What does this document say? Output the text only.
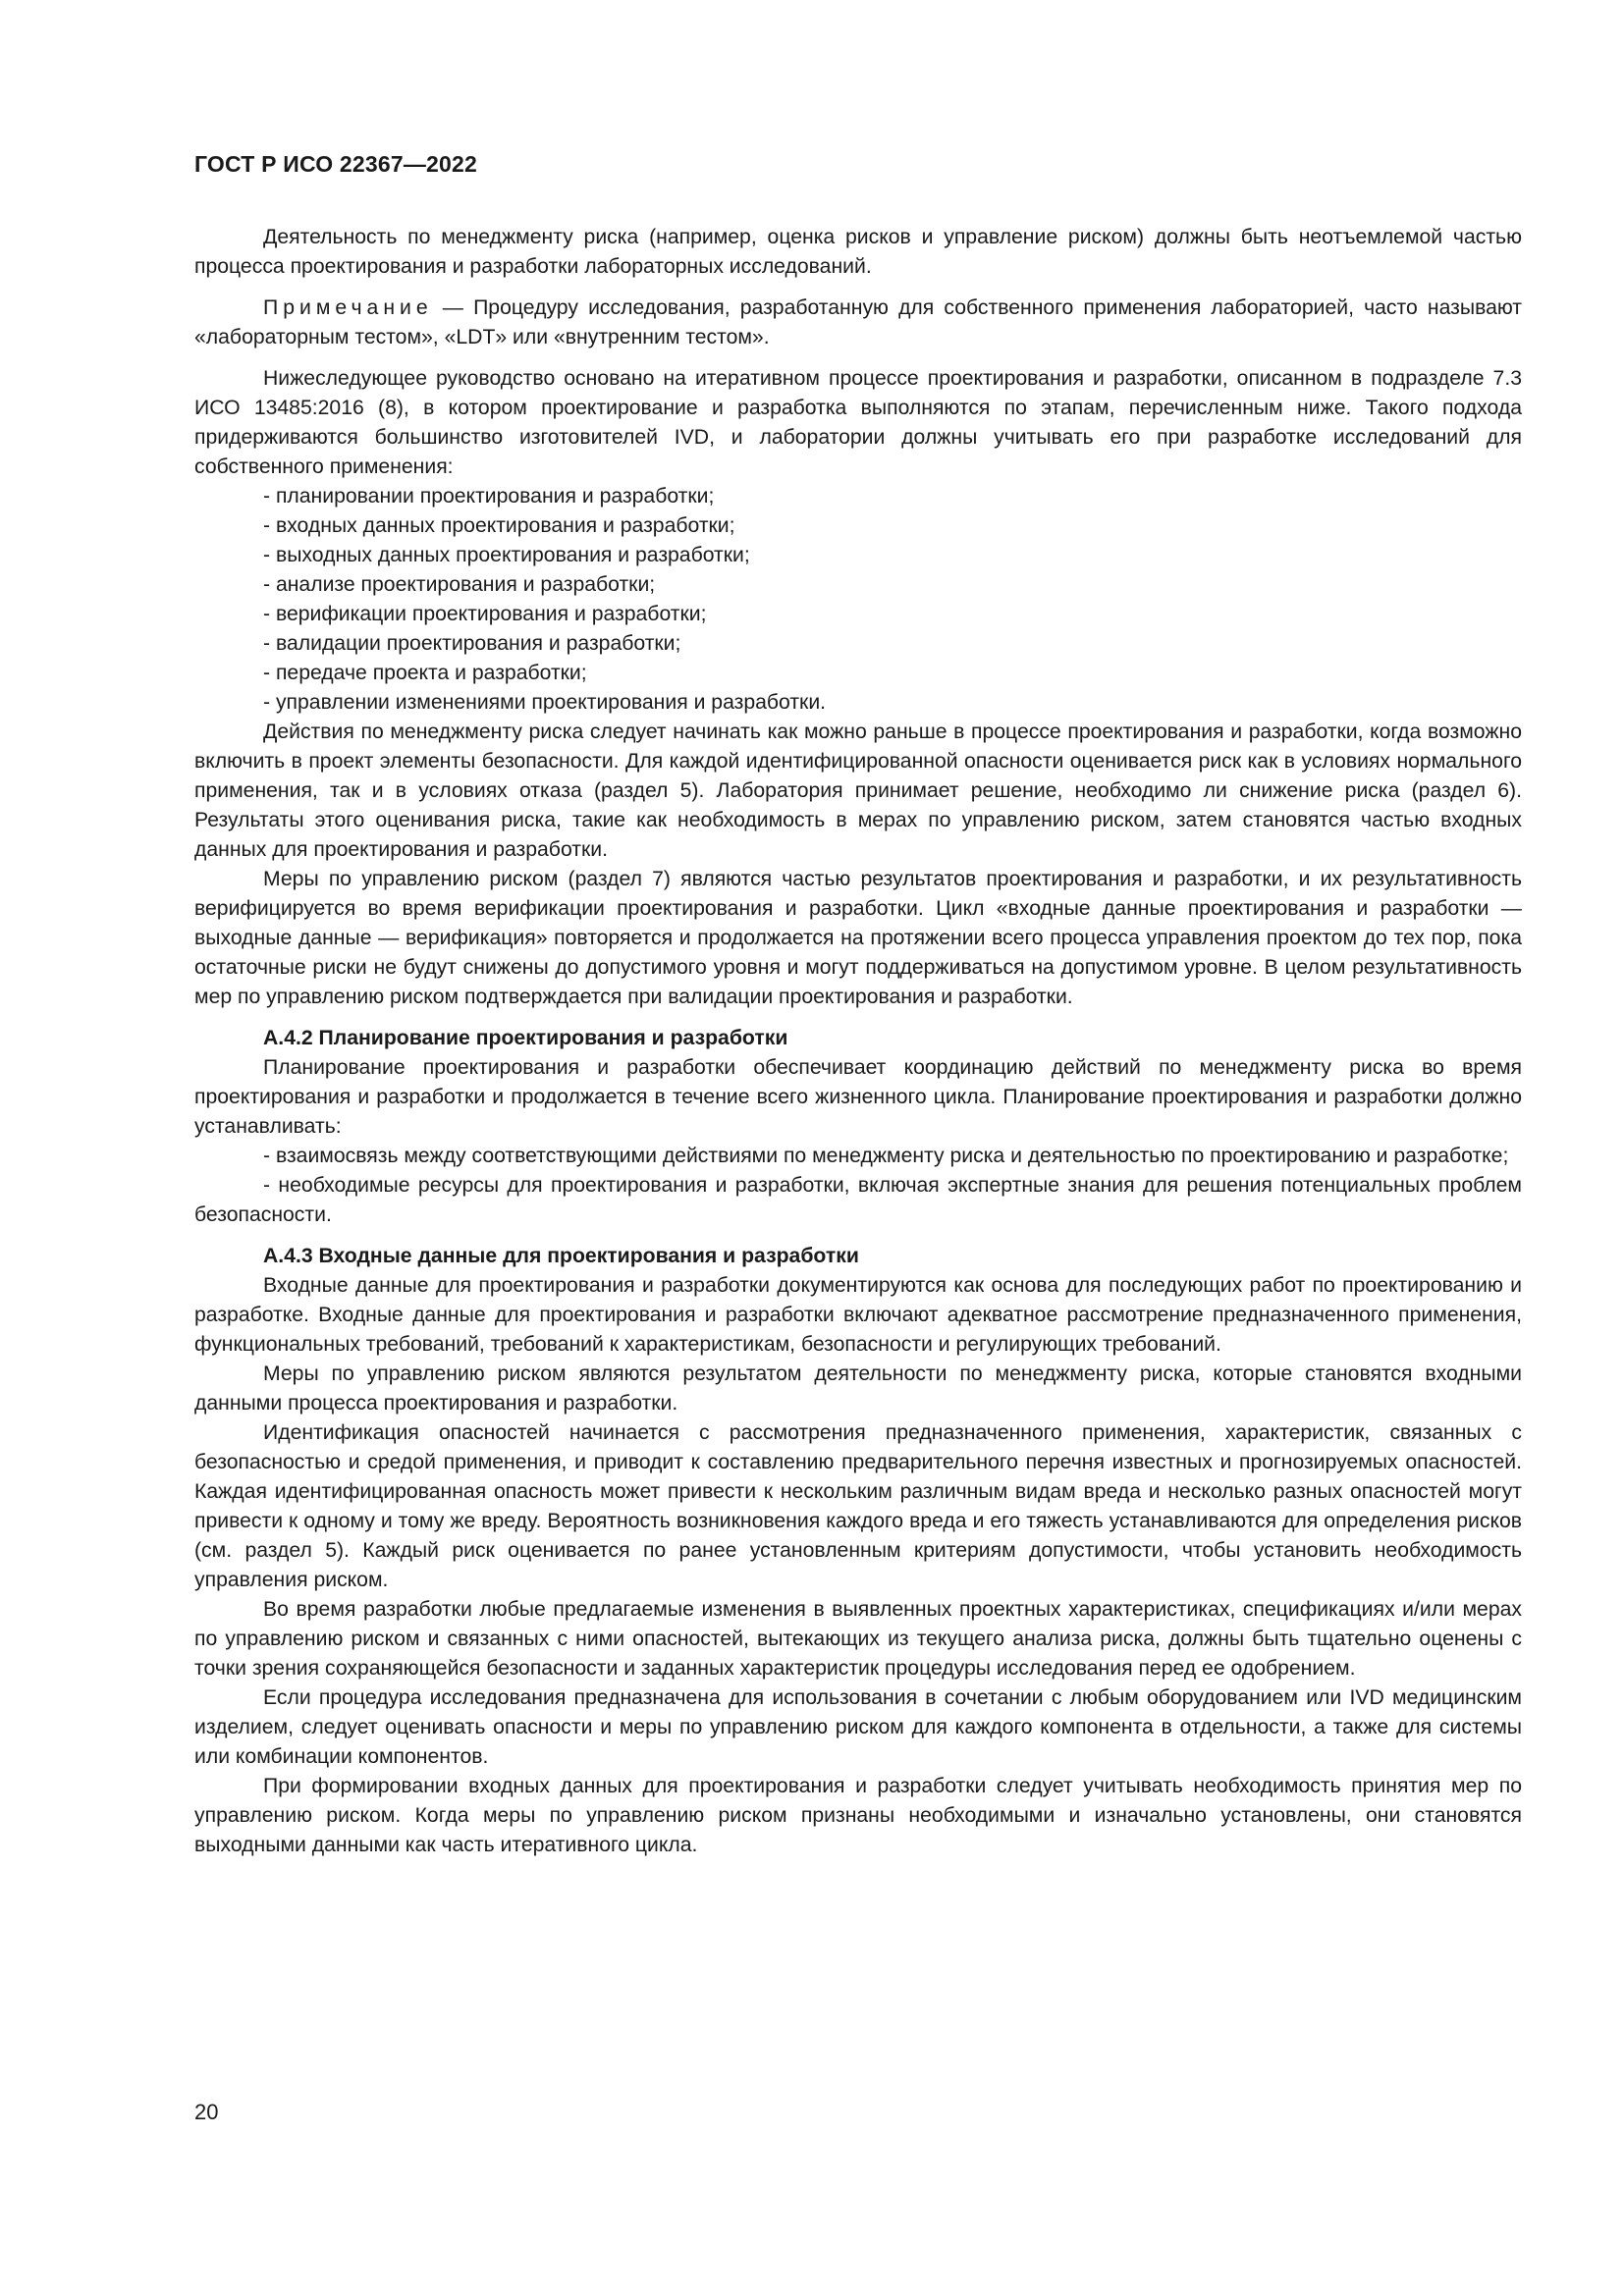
ГОСТ Р ИСО 22367—2022

Деятельность по менеджменту риска (например, оценка рисков и управление риском) должны быть неотъемлемой частью процесса проектирования и разработки лабораторных исследований.

Примечание — Процедуру исследования, разработанную для собственного применения лабораторией, часто называют «лабораторным тестом», «LDT» или «внутренним тестом».

Нижеследующее руководство основано на итеративном процессе проектирования и разработки, описанном в подразделе 7.3 ИСО 13485:2016 (8), в котором проектирование и разработка выполняются по этапам, перечисленным ниже. Такого подхода придерживаются большинство изготовителей IVD, и лаборатории должны учитывать его при разработке исследований для собственного применения:

- планировании проектирования и разработки;
- входных данных проектирования и разработки;
- выходных данных проектирования и разработки;
- анализе проектирования и разработки;
- верификации проектирования и разработки;
- валидации проектирования и разработки;
- передаче проекта и разработки;
- управлении изменениями проектирования и разработки.

Действия по менеджменту риска следует начинать как можно раньше в процессе проектирования и разработки, когда возможно включить в проект элементы безопасности. Для каждой идентифицированной опасности оценивается риск как в условиях нормального применения, так и в условиях отказа (раздел 5). Лаборатория принимает решение, необходимо ли снижение риска (раздел 6). Результаты этого оценивания риска, такие как необходимость в мерах по управлению риском, затем становятся частью входных данных для проектирования и разработки.

Меры по управлению риском (раздел 7) являются частью результатов проектирования и разработки, и их результативность верифицируется во время верификации проектирования и разработки. Цикл «входные данные проектирования и разработки — выходные данные — верификация» повторяется и продолжается на протяжении всего процесса управления проектом до тех пор, пока остаточные риски не будут снижены до допустимого уровня и могут поддерживаться на допустимом уровне. В целом результативность мер по управлению риском подтверждается при валидации проектирования и разработки.

А.4.2 Планирование проектирования и разработки

Планирование проектирования и разработки обеспечивает координацию действий по менеджменту риска во время проектирования и разработки и продолжается в течение всего жизненного цикла. Планирование проектирования и разработки должно устанавливать:

- взаимосвязь между соответствующими действиями по менеджменту риска и деятельностью по проектированию и разработке;
- необходимые ресурсы для проектирования и разработки, включая экспертные знания для решения потенциальных проблем безопасности.
А.4.3 Входные данные для проектирования и разработки

Входные данные для проектирования и разработки документируются как основа для последующих работ по проектированию и разработке. Входные данные для проектирования и разработки включают адекватное рассмотрение предназначенного применения, функциональных требований, требований к характеристикам, безопасности и регулирующих требований.

Меры по управлению риском являются результатом деятельности по менеджменту риска, которые становятся входными данными процесса проектирования и разработки.

Идентификация опасностей начинается с рассмотрения предназначенного применения, характеристик, связанных с безопасностью и средой применения, и приводит к составлению предварительного перечня известных и прогнозируемых опасностей. Каждая идентифицированная опасность может привести к нескольким различным видам вреда и несколько разных опасностей могут привести к одному и тому же вреду. Вероятность возникновения каждого вреда и его тяжесть устанавливаются для определения рисков (см. раздел 5). Каждый риск оценивается по ранее установленным критериям допустимости, чтобы установить необходимость управления риском.

Во время разработки любые предлагаемые изменения в выявленных проектных характеристиках, спецификациях и/или мерах по управлению риском и связанных с ними опасностей, вытекающих из текущего анализа риска, должны быть тщательно оценены с точки зрения сохраняющейся безопасности и заданных характеристик процедуры исследования перед ее одобрением.

Если процедура исследования предназначена для использования в сочетании с любым оборудованием или IVD медицинским изделием, следует оценивать опасности и меры по управлению риском для каждого компонента в отдельности, а также для системы или комбинации компонентов.

При формировании входных данных для проектирования и разработки следует учитывать необходимость принятия мер по управлению риском. Когда меры по управлению риском признаны необходимыми и изначально установлены, они становятся выходными данными как часть итеративного цикла.

20
